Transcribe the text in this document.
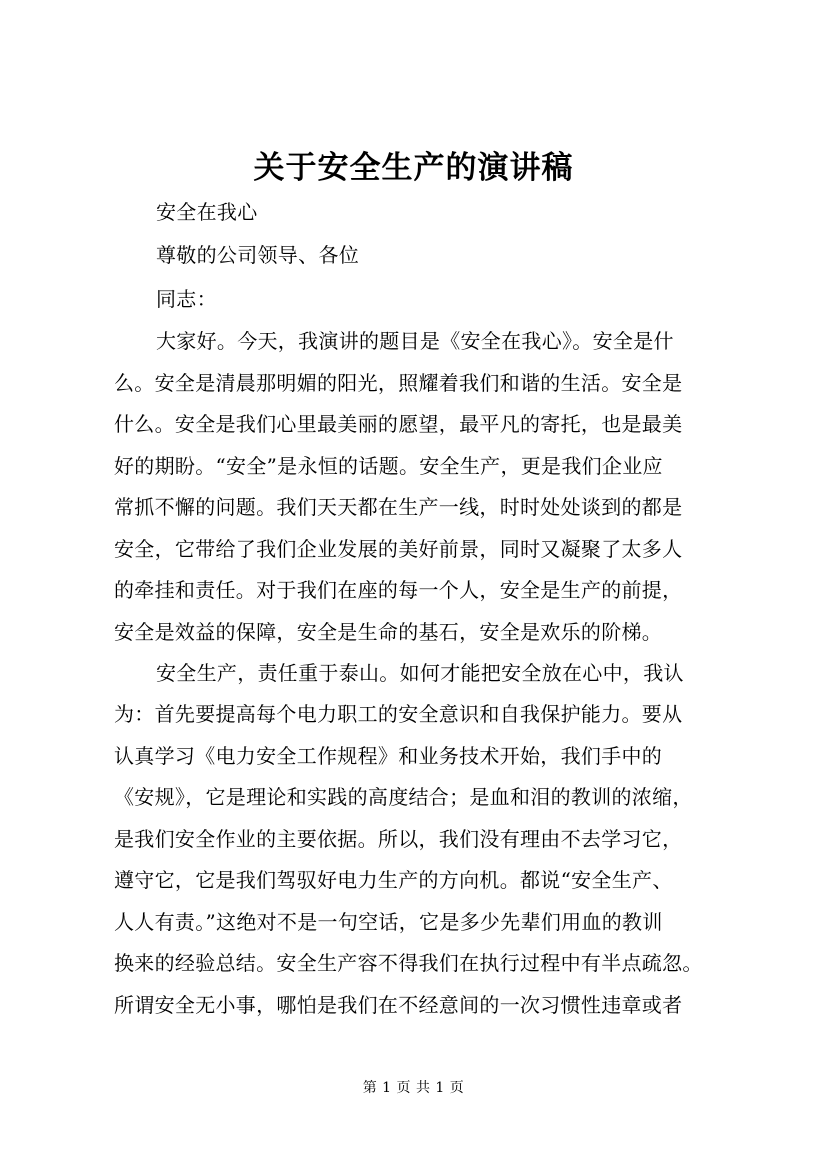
关于安全生产的演讲稿
安全在我心
尊敬的公司领导、各位
同志：
大家好。今天，我演讲的题目是《安全在我心》。安全是什
么。安全是清晨那明媚的阳光，照耀着我们和谐的生活。安全是
什么。安全是我们心里最美丽的愿望，最平凡的寄托，也是最美
好的期盼。“安全”是永恒的话题。安全生产，更是我们企业应
常抓不懈的问题。我们天天都在生产一线，时时处处谈到的都是
安全，它带给了我们企业发展的美好前景，同时又凝聚了太多人
的牵挂和责任。对于我们在座的每一个人，安全是生产的前提，
安全是效益的保障，安全是生命的基石，安全是欢乐的阶梯。
安全生产，责任重于泰山。如何才能把安全放在心中，我认
为：首先要提高每个电力职工的安全意识和自我保护能力。要从
认真学习《电力安全工作规程》和业务技术开始，我们手中的
《安规》，它是理论和实践的高度结合；是血和泪的教训的浓缩，
是我们安全作业的主要依据。所以，我们没有理由不去学习它，
遵守它，它是我们驾驭好电力生产的方向机。都说“安全生产、
人人有责。”这绝对不是一句空话，它是多少先辈们用血的教训
换来的经验总结。安全生产容不得我们在执行过程中有半点疏忽。
所谓安全无小事，哪怕是我们在不经意间的一次习惯性违章或者
第 1 页 共 1 页
